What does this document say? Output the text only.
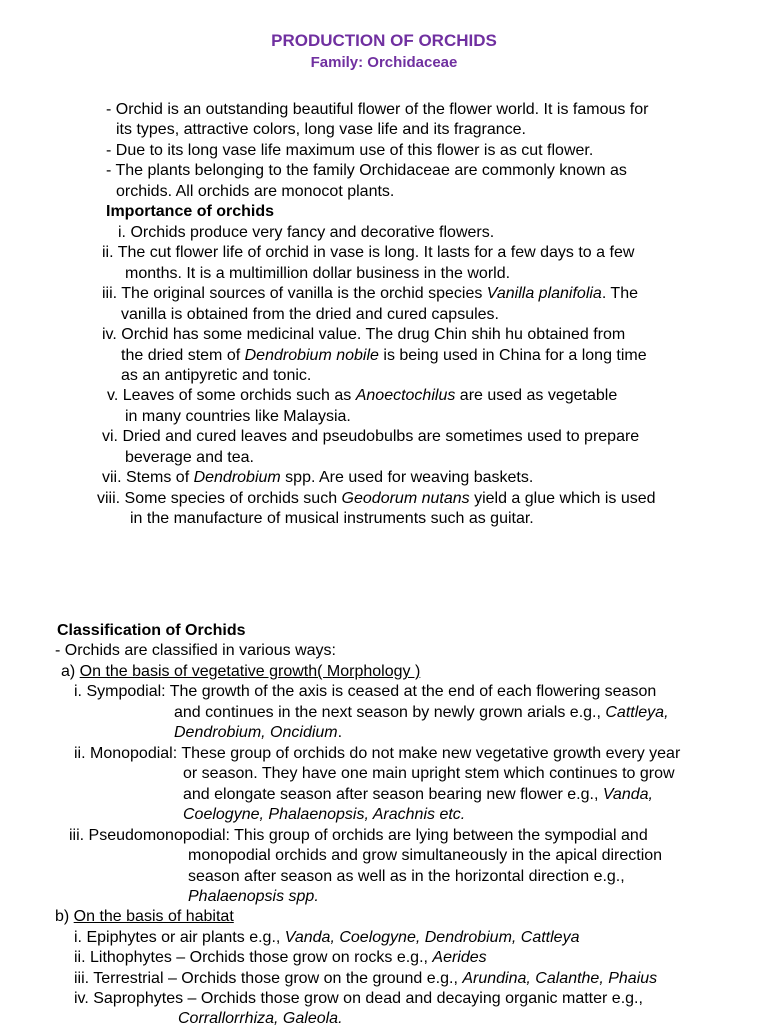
PRODUCTION OF ORCHIDS
Family: Orchidaceae
- Orchid is an outstanding beautiful flower of the flower world. It is famous for
its types, attractive colors, long vase life and its fragrance.
- Due to its long vase life maximum use of this flower is as cut flower.
- The plants belonging to the family Orchidaceae are commonly known as
orchids. All orchids are monocot plants.
Importance of orchids
i. Orchids produce very fancy and decorative flowers.
ii. The cut flower life of orchid in vase is long. It lasts for a few days to a few
months. It is a multimillion dollar business in the world.
iii. The original sources of vanilla is the orchid species Vanilla planifolia. The
vanilla is obtained from the dried and cured capsules.
iv. Orchid has some medicinal value. The drug Chin shih hu obtained from
the dried stem of Dendrobium nobile is being used in China for a long time
as an antipyretic and tonic.
v. Leaves of some orchids such as Anoectochilus are used as vegetable
in many countries like Malaysia.
vi. Dried and cured leaves and pseudobulbs are sometimes used to prepare
beverage and tea.
vii. Stems of Dendrobium spp. Are used for weaving baskets.
viii. Some species of orchids such Geodorum nutans yield a glue which is used
in the manufacture of musical instruments such as guitar.
Classification of Orchids
- Orchids are classified in various ways:
a) On the basis of vegetative growth( Morphology )
i. Sympodial: The growth of the axis is ceased at the end of each flowering season
and continues in the next season by newly grown arials e.g., Cattleya,
Dendrobium, Oncidium.
ii. Monopodial: These group of orchids do not make new vegetative growth every year
or season. They have one main upright stem which continues to grow
and elongate season after season bearing new flower e.g., Vanda,
Coelogyne, Phalaenopsis, Arachnis etc.
iii. Pseudomonopodial: This group of orchids are lying between the sympodial and
monopodial orchids and grow simultaneously in the apical direction
season after season as well as in the horizontal direction e.g.,
Phalaenopsis spp.
b) On the basis of habitat
i. Epiphytes or air plants e.g., Vanda, Coelogyne, Dendrobium, Cattleya
ii. Lithophytes – Orchids those grow on rocks e.g., Aerides
iii. Terrestrial – Orchids those grow on the ground e.g., Arundina, Calanthe, Phaius
iv. Saprophytes – Orchids those grow on dead and decaying organic matter e.g.,
Corrallorrhiza, Galeola.
